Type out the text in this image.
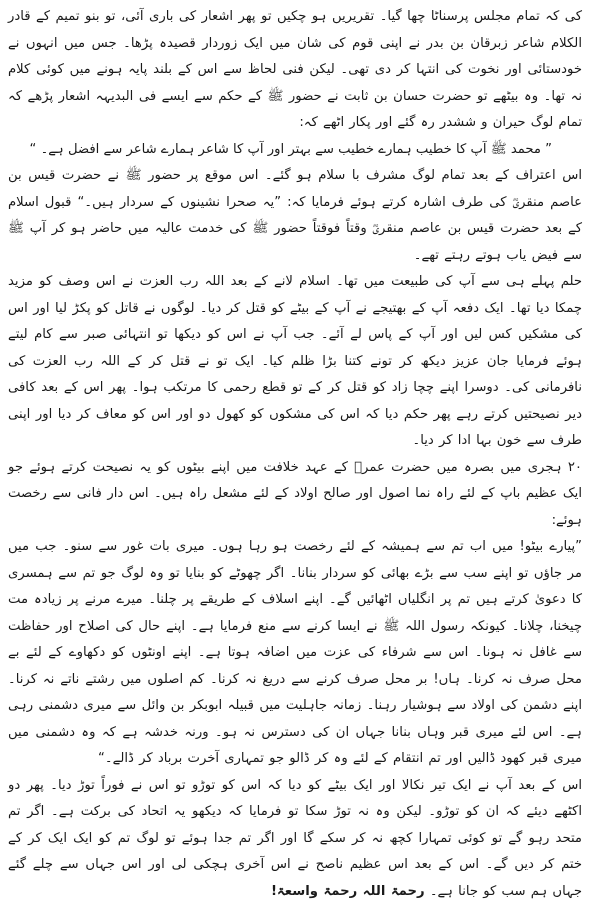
کی کہ تمام مجلس پرسناٹا چھا گیا۔ تقریریں ہو چکیں تو پھر اشعار کی باری آئی، تو بنو تمیم کے قادر الکلام شاعر زبرقان بن بدر نے اپنی قوم کی شان میں ایک زوردار قصیدہ پڑھا۔ جس میں انہوں نے خودستائی اور نخوت کی انتہا کر دی تھی۔ لیکن فنی لحاظ سے اس کے بلند پایہ ہونے میں کوئی کلام نہ تھا۔ وہ بیٹھے تو حضرت حسان بن ثابت نے حضور ﷺ کے حکم سے ایسے فی البدیہہ اشعار پڑھے کہ تمام لوگ حیران و ششدر رہ گئے اور پکار اٹھے کہ:

” محمد ﷺ آپ کا خطیب ہمارے خطیب سے بہتر اور آپ کا شاعر ہمارے شاعر سے افضل ہے۔ “

اس اعتراف کے بعد تمام لوگ مشرف با سلام ہو گئے۔ اس موقع پر حضور ﷺ نے حضرت قیس بن عاصم منقریؓ کی طرف اشارہ کرتے ہوئے فرمایا کہ: ”یہ صحرا نشینوں کے سردار ہیں۔“ قبول اسلام کے بعد حضرت قیس بن عاصم منقریؓ وقتاً فوقتاً حضور ﷺ کی خدمت عالیہ میں حاضر ہو کر آپ ﷺ سے فیض یاب ہوتے رہتے تھے۔

حلم پہلے ہی سے آپ کی طبیعت میں تھا۔ اسلام لانے کے بعد اللہ رب العزت نے اس وصف کو مزید چمکا دیا تھا۔ ایک دفعہ آپ کے بھتیجے نے آپ کے بیٹے کو قتل کر دیا۔ لوگوں نے قاتل کو پکڑ لیا اور اس کی مشکیں کس لیں اور آپ کے پاس لے آئے۔ جب آپ نے اس کو دیکھا تو انتہائی صبر سے کام لیتے ہوئے فرمایا جان عزیز دیکھ کر تونے کتنا بڑا ظلم کیا۔ ایک تو نے قتل کر کے اللہ رب العزت کی نافرمانی کی۔ دوسرا اپنے چچا زاد کو قتل کر کے تو قطع رحمی کا مرتکب ہوا۔ پھر اس کے بعد کافی دیر نصیحتیں کرتے رہے پھر حکم دیا کہ اس کی مشکوں کو کھول دو اور اس کو معاف کر دیا اور اپنی طرف سے خون بہا ادا کر دیا۔

۲۰ ہجری میں بصرہ میں حضرت عمرؓ کے عہد خلافت میں اپنے بیٹوں کو یہ نصیحت کرتے ہوئے جو ایک عظیم باپ کے لئے راہ نما اصول اور صالح اولاد کے لئے مشعل راہ ہیں۔ اس دار فانی سے رخصت ہوئے:

”پیارے بیٹو! میں اب تم سے ہمیشہ کے لئے رخصت ہو رہا ہوں۔ میری بات غور سے سنو۔ جب میں مر جاؤں تو اپنے سب سے بڑے بھائی کو سردار بنانا۔ اگر چھوٹے کو بنایا تو وہ لوگ جو تم سے ہمسری کا دعویٰ کرتے ہیں تم پر انگلیاں اٹھائیں گے۔ اپنے اسلاف کے طریقے پر چلنا۔ میرے مرنے پر زیادہ مت چیخنا، چلانا۔ کیونکہ رسول اللہ ﷺ نے ایسا کرنے سے منع فرمایا ہے۔ اپنے حال کی اصلاح اور حفاظت سے غافل نہ ہونا۔ اس سے شرفاء کی عزت میں اضافہ ہوتا ہے۔ اپنے اونٹوں کو دکھاوے کے لئے بے محل صرف نہ کرنا۔ ہاں! بر محل صرف کرنے سے دریغ نہ کرنا۔ کم اصلوں میں رشتے ناتے نہ کرنا۔ اپنے دشمن کی اولاد سے ہوشیار رہنا۔ زمانہ جاہلیت میں قبیلہ ابوبکر بن وائل سے میری دشمنی رہی ہے۔ اس لئے میری قبر وہاں بنانا جہاں ان کی دسترس نہ ہو۔ ورنہ خدشہ ہے کہ وہ دشمنی میں میری قبر کھود ڈالیں اور تم انتقام کے لئے وہ کر ڈالو جو تمہاری آخرت برباد کر ڈالے۔“

اس کے بعد آپ نے ایک تیر نکالا اور ایک بیٹے کو دیا کہ اس کو توڑو تو اس نے فوراً توڑ دیا۔ پھر دو اکٹھے دیئے کہ ان کو توڑو۔ لیکن وہ نہ توڑ سکا تو فرمایا کہ دیکھو یہ اتحاد کی برکت ہے۔ اگر تم متحد رہو گے تو کوئی تمہارا کچھ نہ کر سکے گا اور اگر تم جدا ہوئے تو لوگ تم کو ایک ایک کر کے ختم کر دیں گے۔ اس کے بعد اس عظیم ناصح نے اس آخری ہچکی لی اور اس جہاں سے چلے گئے جہاں ہم سب کو جانا ہے۔ رحمۃ اللہ رحمۃ واسعۃ!
